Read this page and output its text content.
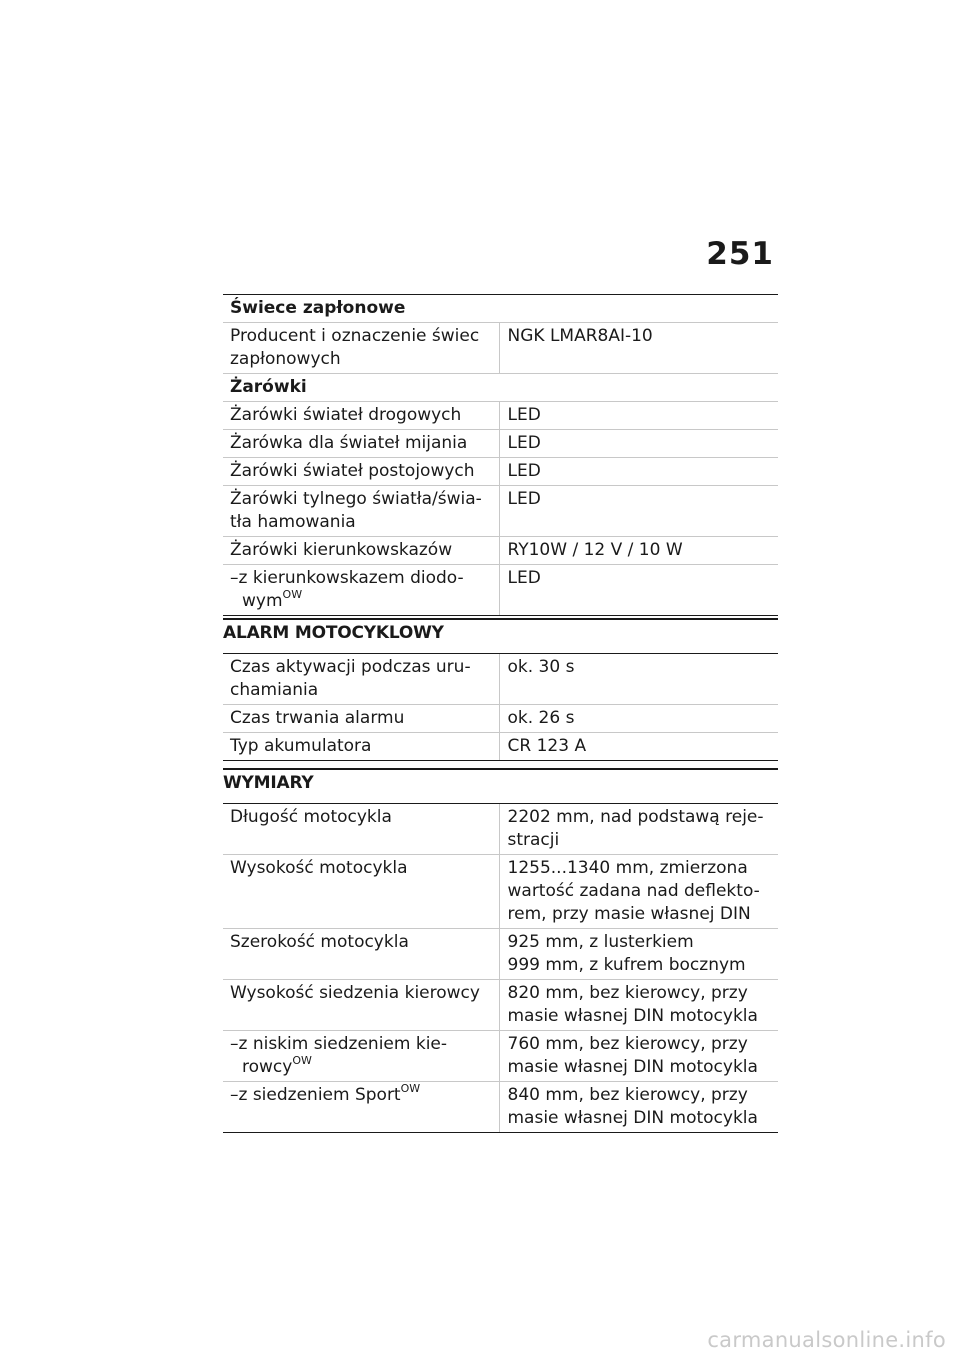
251
Świece zapłonowe	
Producent i oznaczenie świec zapłonowych	NGK LMAR8AI-10
Żarówki	
Żarówki świateł drogowych	LED
Żarówka dla świateł mijania	LED
Żarówki świateł postojowych	LED
Żarówki tylnego światła/świa-tła hamowania	LED
Żarówki kierunkowskazów	RY10W / 12 V / 10 W

–z kierunkowskazem diodo-wym$^{OW}$	LED
ALARM MOTOCYKLOWY
Czas aktywacji podczas uru-chamiania	ok. 30 s
Czas trwania alarmu	ok. 26 s
Typ akumulatora	CR 123 A
WYMIARY
Długość motocykla	2202 mm, nad podstawą reje-stracji
Wysokość motocykla	1255...1340 mm, zmierzona wartość zadana nad deflekto-rem, przy masie własnej DIN
Szerokość motocykla	925 mm, z lusterkiem
999 mm, z kufrem bocznym

Wysokość siedzenia kierowcy	820 mm, bez kierowcy, przy masie własnej DIN motocykla

–z niskim siedzeniem kie-rowcy$^{OW}$	760 mm, bez kierowcy, przy masie własnej DIN motocykla

–z siedzeniem Sport$^{OW}$	840 mm, bez kierowcy, przy masie własnej DIN motocykla
carmanualsonline.info
